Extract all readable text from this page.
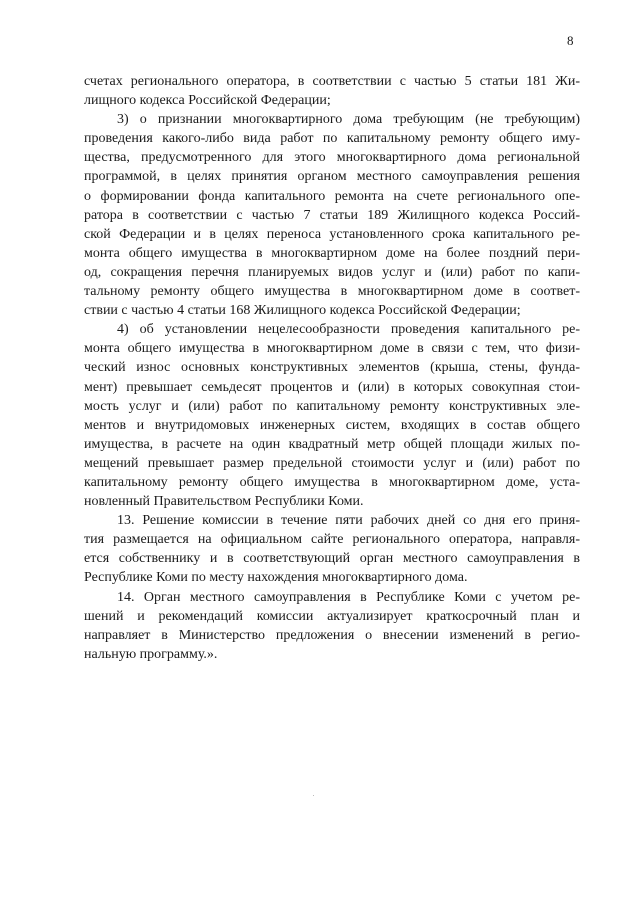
8
счетах регионального оператора, в соответствии с частью 5 статьи 181 Жи-
лищного кодекса Российской Федерации;
3) о признании многоквартирного дома требующим (не требующим)
проведения какого-либо вида работ по капитальному ремонту общего иму-
щества, предусмотренного для этого многоквартирного дома региональной
программой, в целях принятия органом местного самоуправления решения
о формировании фонда капитального ремонта на счете регионального опе-
ратора в соответствии с частью 7 статьи 189 Жилищного кодекса Россий-
ской Федерации и в целях переноса установленного срока капитального ре-
монта общего имущества в многоквартирном доме на более поздний пери-
од, сокращения перечня планируемых видов услуг и (или) работ по капи-
тальному ремонту общего имущества в многоквартирном доме в соответ-
ствии с частью 4 статьи 168 Жилищного кодекса Российской Федерации;
4) об установлении нецелесообразности проведения капитального ре-
монта общего имущества в многоквартирном доме в связи с тем, что физи-
ческий износ основных конструктивных элементов (крыша, стены, фунда-
мент) превышает семьдесят процентов и (или) в которых совокупная стои-
мость услуг и (или) работ по капитальному ремонту конструктивных эле-
ментов и внутридомовых инженерных систем, входящих в состав общего
имущества, в расчете на один квадратный метр общей площади жилых по-
мещений превышает размер предельной стоимости услуг и (или) работ по
капитальному ремонту общего имущества в многоквартирном доме, уста-
новленный Правительством Республики Коми.
13. Решение комиссии в течение пяти рабочих дней со дня его приня-
тия размещается на официальном сайте регионального оператора, направля-
ется собственнику и в соответствующий орган местного самоуправления в
Республике Коми по месту нахождения многоквартирного дома.
14. Орган местного самоуправления в Республике Коми с учетом ре-
шений и рекомендаций комиссии актуализирует краткосрочный план и
направляет в Министерство предложения о внесении изменений в регио-
нальную программу.».
